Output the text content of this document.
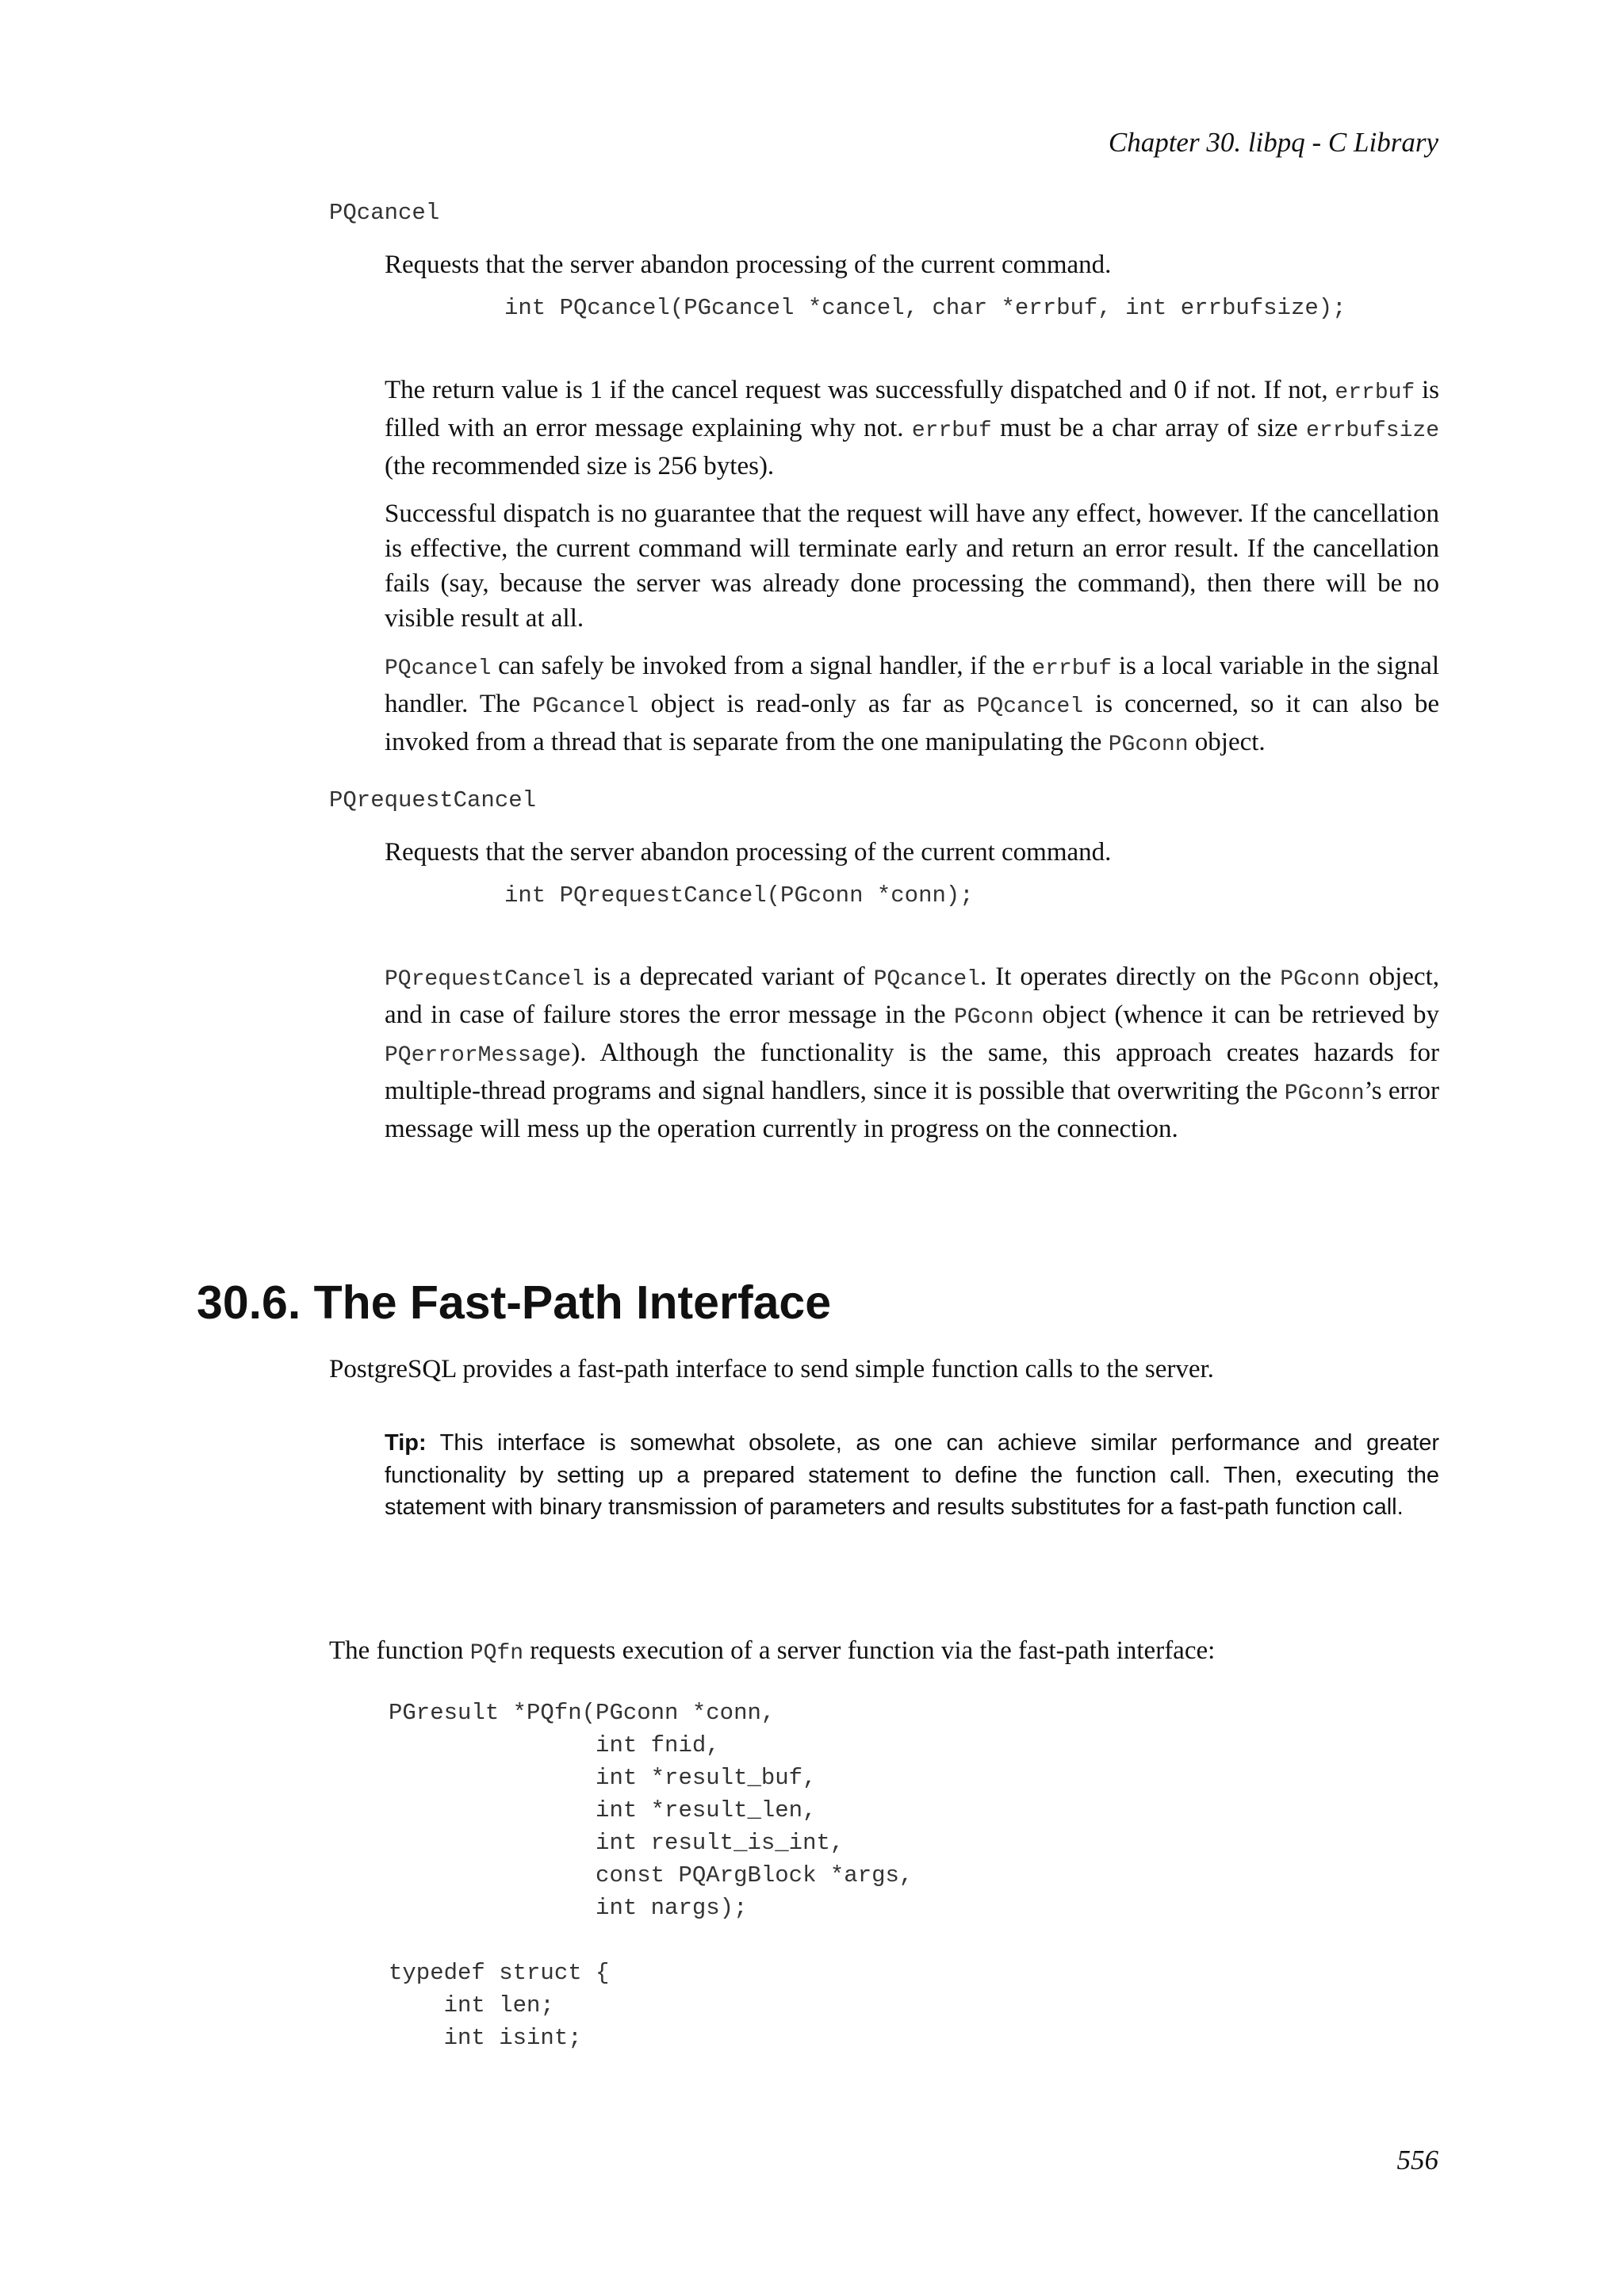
Chapter 30. libpq - C Library
PQcancel
Requests that the server abandon processing of the current command.
int PQcancel(PGcancel *cancel, char *errbuf, int errbufsize);

The return value is 1 if the cancel request was successfully dispatched and 0 if not. If not, errbuf is filled with an error message explaining why not. errbuf must be a char array of size errbufsize (the recommended size is 256 bytes).

Successful dispatch is no guarantee that the request will have any effect, however. If the cancellation is effective, the current command will terminate early and return an error result. If the cancellation fails (say, because the server was already done processing the command), then there will be no visible result at all.

PQcancel can safely be invoked from a signal handler, if the errbuf is a local variable in the signal handler. The PGcancel object is read-only as far as PQcancel is concerned, so it can also be invoked from a thread that is separate from the one manipulating the PGconn object.

PQrequestCancel
Requests that the server abandon processing of the current command.
int PQrequestCancel(PGconn *conn);

PQrequestCancel is a deprecated variant of PQcancel. It operates directly on the PGconn object, and in case of failure stores the error message in the PGconn object (whence it can be retrieved by PQerrorMessage). Although the functionality is the same, this approach creates hazards for multiple-thread programs and signal handlers, since it is possible that overwriting the PGconn’s error message will mess up the operation currently in progress on the connection.

30.6. The Fast-Path Interface
PostgreSQL provides a fast-path interface to send simple function calls to the server.
Tip: This interface is somewhat obsolete, as one can achieve similar performance and greater functionality by setting up a prepared statement to define the function call. Then, executing the statement with binary transmission of parameters and results substitutes for a fast-path function call.
The function PQfn requests execution of a server function via the fast-path interface:
PGresult *PQfn(PGconn *conn,
int fnid,
int *result_buf,
int *result_len,
int result_is_int,
const PQArgBlock *args,
int nargs);
typedef struct {
int len;
int isint;
556
